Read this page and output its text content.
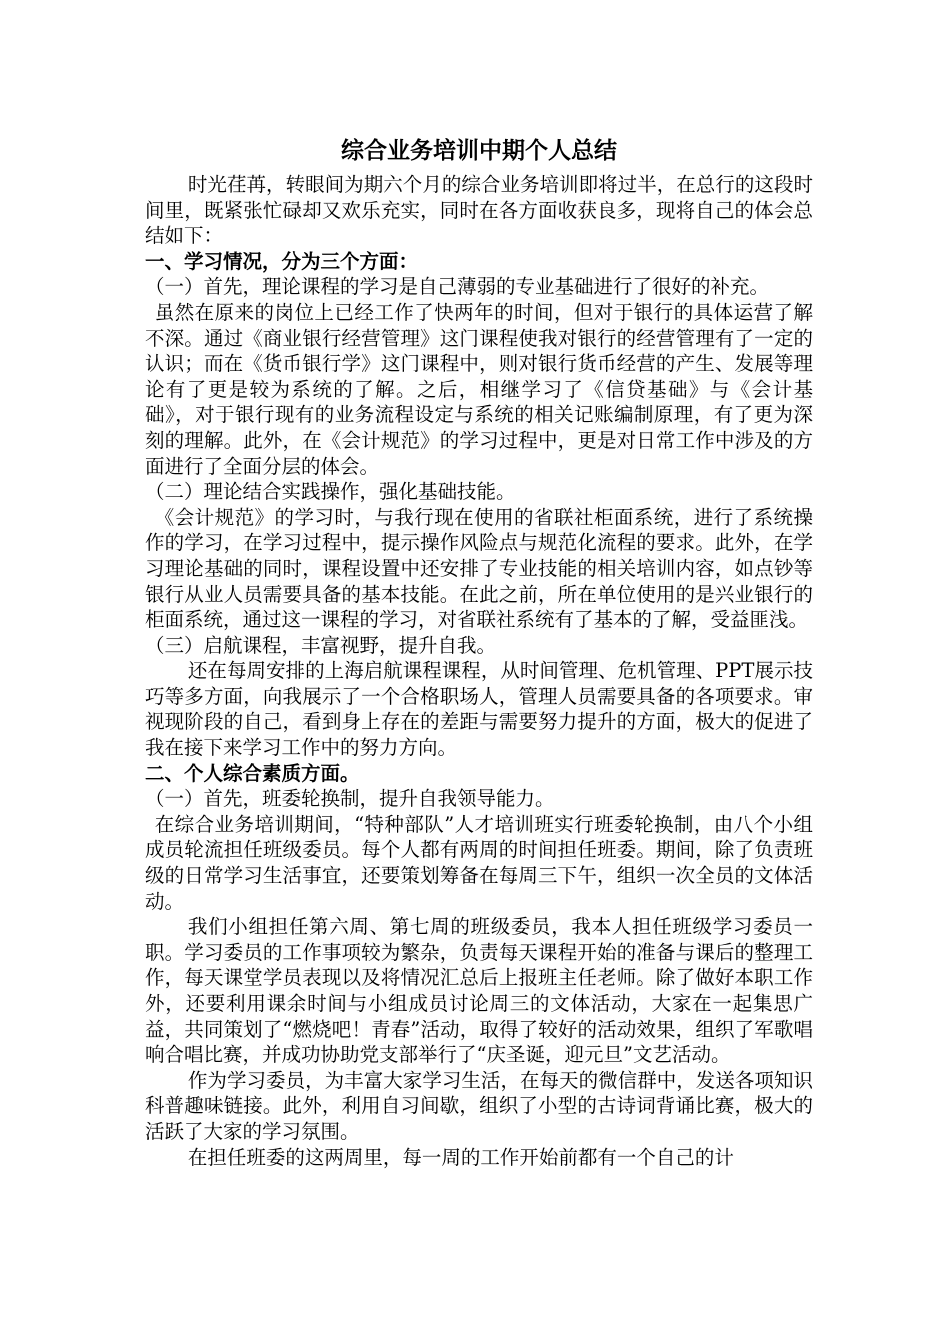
综合业务培训中期个人总结

时光荏苒，转眼间为期六个月的综合业务培训即将过半，在总行的这段时间里，既紧张忙碌却又欢乐充实，同时在各方面收获良多，现将自己的体会总结如下：

一、学习情况，分为三个方面：

（一）首先，理论课程的学习是自己薄弱的专业基础进行了很好的补充。

虽然在原来的岗位上已经工作了快两年的时间，但对于银行的具体运营了解不深。通过《商业银行经营管理》这门课程使我对银行的经营管理有了一定的认识；而在《货币银行学》这门课程中，则对银行货币经营的产生、发展等理论有了更是较为系统的了解。之后，相继学习了《信贷基础》与《会计基础》，对于银行现有的业务流程设定与系统的相关记账编制原理，有了更为深刻的理解。此外，在《会计规范》的学习过程中，更是对日常工作中涉及的方面进行了全面分层的体会。

（二）理论结合实践操作，强化基础技能。

《会计规范》的学习时，与我行现在使用的省联社柜面系统，进行了系统操作的学习，在学习过程中，提示操作风险点与规范化流程的要求。此外，在学习理论基础的同时，课程设置中还安排了专业技能的相关培训内容，如点钞等银行从业人员需要具备的基本技能。在此之前，所在单位使用的是兴业银行的柜面系统，通过这一课程的学习，对省联社系统有了基本的了解，受益匪浅。

（三）启航课程，丰富视野，提升自我。

还在每周安排的上海启航课程课程，从时间管理、危机管理、PPT展示技巧等多方面，向我展示了一个合格职场人，管理人员需要具备的各项要求。审视现阶段的自己，看到身上存在的差距与需要努力提升的方面，极大的促进了我在接下来学习工作中的努力方向。

二、个人综合素质方面。

（一）首先，班委轮换制，提升自我领导能力。

在综合业务培训期间，“特种部队”人才培训班实行班委轮换制，由八个小组成员轮流担任班级委员。每个人都有两周的时间担任班委。期间，除了负责班级的日常学习生活事宜，还要策划筹备在每周三下午，组织一次全员的文体活动。

我们小组担任第六周、第七周的班级委员，我本人担任班级学习委员一职。学习委员的工作事项较为繁杂，负责每天课程开始的准备与课后的整理工作，每天课堂学员表现以及将情况汇总后上报班主任老师。除了做好本职工作外，还要利用课余时间与小组成员讨论周三的文体活动，大家在一起集思广益，共同策划了“燃烧吧！青春”活动，取得了较好的活动效果，组织了军歌唱响合唱比赛，并成功协助党支部举行了“庆圣诞，迎元旦”文艺活动。

作为学习委员，为丰富大家学习生活，在每天的微信群中，发送各项知识科普趣味链接。此外，利用自习间歇，组织了小型的古诗词背诵比赛，极大的活跃了大家的学习氛围。

在担任班委的这两周里，每一周的工作开始前都有一个自己的计
